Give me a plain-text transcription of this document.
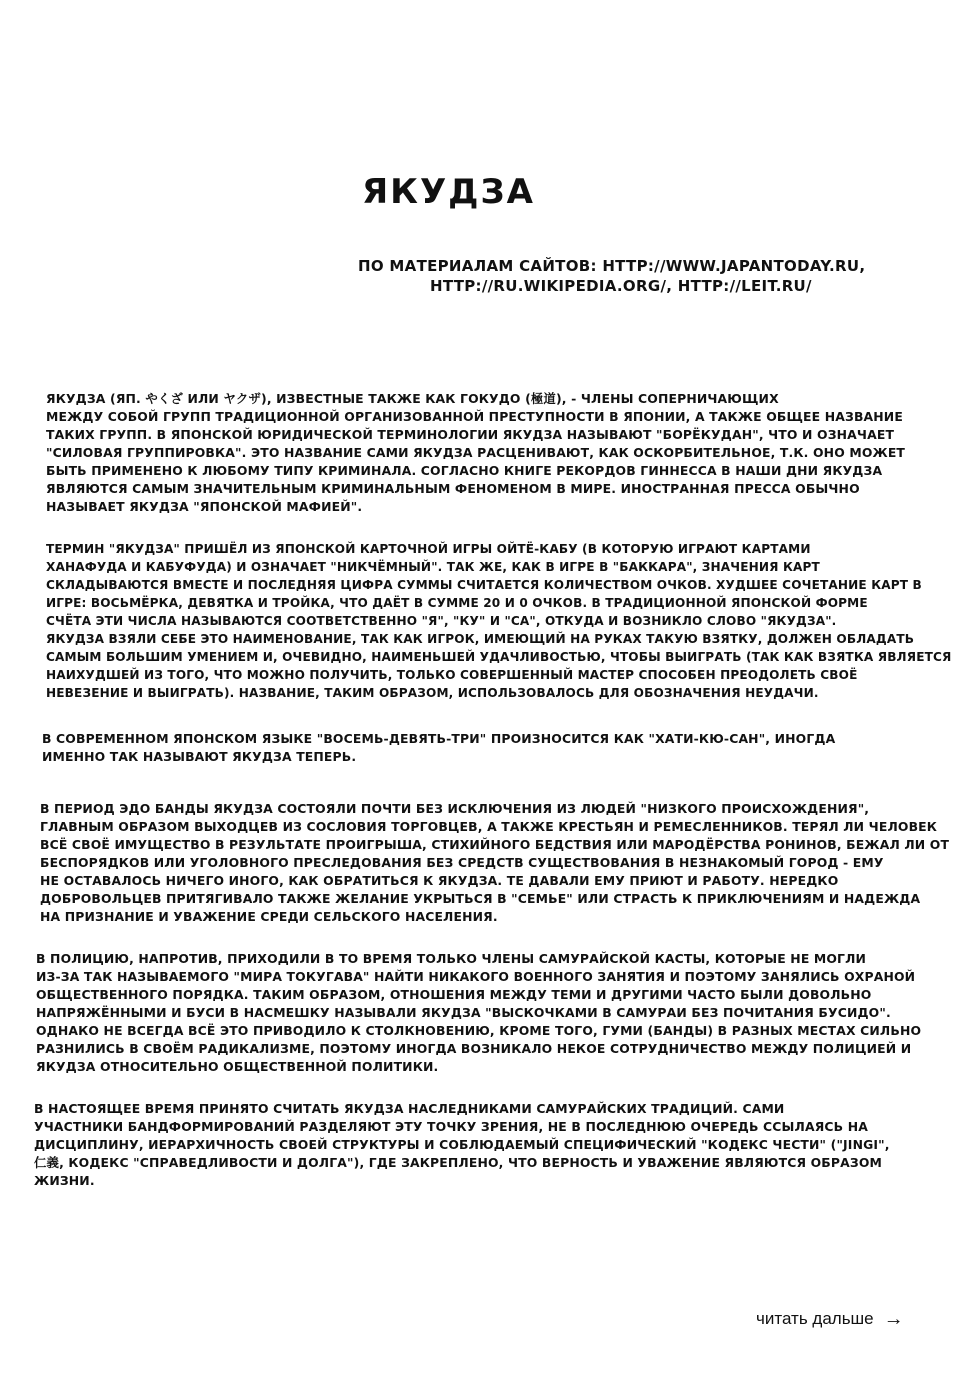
ЯКУДЗА
ПО МАТЕРИАЛАМ САЙТОВ: HTTP://WWW.JAPANTODAY.RU,
HTTP://RU.WIKIPEDIA.ORG/, HTTP://LEIT.RU/
ЯКУДЗА (ЯП. やくざ ИЛИ ヤクザ), ИЗВЕСТНЫЕ ТАКЖЕ КАК ГОКУДО (極道), - ЧЛЕНЫ СОПЕРНИЧАЮЩИХ
МЕЖДУ СОБОЙ ГРУПП ТРАДИЦИОННОЙ ОРГАНИЗОВАННОЙ ПРЕСТУПНОСТИ В ЯПОНИИ, А ТАКЖЕ ОБЩЕЕ НАЗВАНИЕ
ТАКИХ ГРУПП. В ЯПОНСКОЙ ЮРИДИЧЕСКОЙ ТЕРМИНОЛОГИИ ЯКУДЗА НАЗЫВАЮТ "БОРЁКУДАН", ЧТО И ОЗНАЧАЕТ
"СИЛОВАЯ ГРУППИРОВКА". ЭТО НАЗВАНИЕ САМИ ЯКУДЗА РАСЦЕНИВАЮТ, КАК ОСКОРБИТЕЛЬНОЕ, Т.К. ОНО МОЖЕТ
БЫТЬ ПРИМЕНЕНО К ЛЮБОМУ ТИПУ КРИМИНАЛА. СОГЛАСНО КНИГЕ РЕКОРДОВ ГИННЕССА В НАШИ ДНИ ЯКУДЗА
ЯВЛЯЮТСЯ САМЫМ ЗНАЧИТЕЛЬНЫМ КРИМИНАЛЬНЫМ ФЕНОМЕНОМ В МИРЕ. ИНОСТРАННАЯ ПРЕССА ОБЫЧНО
НАЗЫВАЕТ ЯКУДЗА "ЯПОНСКОЙ МАФИЕЙ".
ТЕРМИН "ЯКУДЗА" ПРИШЁЛ ИЗ ЯПОНСКОЙ КАРТОЧНОЙ ИГРЫ ОЙТЁ-КАБУ (В КОТОРУЮ ИГРАЮТ КАРТАМИ
ХАНАФУДА И КАБУФУДА) И ОЗНАЧАЕТ "НИКЧЁМНЫЙ". ТАК ЖЕ, КАК В ИГРЕ В "БАККАРА", ЗНАЧЕНИЯ КАРТ
СКЛАДЫВАЮТСЯ ВМЕСТЕ И ПОСЛЕДНЯЯ ЦИФРА СУММЫ СЧИТАЕТСЯ КОЛИЧЕСТВОМ ОЧКОВ. ХУДШЕЕ СОЧЕТАНИЕ КАРТ В
ИГРЕ: ВОСЬМЁРКА, ДЕВЯТКА И ТРОЙКА, ЧТО ДАЁТ В СУММЕ 20 И 0 ОЧКОВ. В ТРАДИЦИОННОЙ ЯПОНСКОЙ ФОРМЕ
СЧЁТА ЭТИ ЧИСЛА НАЗЫВАЮТСЯ СООТВЕТСТВЕННО "Я", "КУ" И "СА", ОТКУДА И ВОЗНИКЛО СЛОВО "ЯКУДЗА".
ЯКУДЗА ВЗЯЛИ СЕБЕ ЭТО НАИМЕНОВАНИЕ, ТАК КАК ИГРОК, ИМЕЮЩИЙ НА РУКАХ ТАКУЮ ВЗЯТКУ, ДОЛЖЕН ОБЛАДАТЬ
САМЫМ БОЛЬШИМ УМЕНИЕМ И, ОЧЕВИДНО, НАИМЕНЬШЕЙ УДАЧЛИВОСТЬЮ, ЧТОБЫ ВЫИГРАТЬ (ТАК КАК ВЗЯТКА ЯВЛЯЕТСЯ
НАИХУДШЕЙ ИЗ ТОГО, ЧТО МОЖНО ПОЛУЧИТЬ, ТОЛЬКО СОВЕРШЕННЫЙ МАСТЕР СПОСОБЕН ПРЕОДОЛЕТЬ СВОЁ
НЕВЕЗЕНИЕ И ВЫИГРАТЬ). НАЗВАНИЕ, ТАКИМ ОБРАЗОМ, ИСПОЛЬЗОВАЛОСЬ ДЛЯ ОБОЗНАЧЕНИЯ НЕУДАЧИ.
В СОВРЕМЕННОМ ЯПОНСКОМ ЯЗЫКЕ "ВОСЕМЬ-ДЕВЯТЬ-ТРИ" ПРОИЗНОСИТСЯ КАК "ХАТИ-КЮ-САН", ИНОГДА
ИМЕННО ТАК НАЗЫВАЮТ ЯКУДЗА ТЕПЕРЬ.
В ПЕРИОД ЭДО БАНДЫ ЯКУДЗА СОСТОЯЛИ ПОЧТИ БЕЗ ИСКЛЮЧЕНИЯ ИЗ ЛЮДЕЙ "НИЗКОГО ПРОИСХОЖДЕНИЯ",
ГЛАВНЫМ ОБРАЗОМ ВЫХОДЦЕВ ИЗ СОСЛОВИЯ ТОРГОВЦЕВ, А ТАКЖЕ КРЕСТЬЯН И РЕМЕСЛЕННИКОВ. ТЕРЯЛ ЛИ ЧЕЛОВЕК
ВСЁ СВОЁ ИМУЩЕСТВО В РЕЗУЛЬТАТЕ ПРОИГРЫША, СТИХИЙНОГО БЕДСТВИЯ ИЛИ МАРОДЁРСТВА РОНИНОВ, БЕЖАЛ ЛИ ОТ
БЕСПОРЯДКОВ ИЛИ УГОЛОВНОГО ПРЕСЛЕДОВАНИЯ БЕЗ СРЕДСТВ СУЩЕСТВОВАНИЯ В НЕЗНАКОМЫЙ ГОРОД - ЕМУ
НЕ ОСТАВАЛОСЬ НИЧЕГО ИНОГО, КАК ОБРАТИТЬСЯ К ЯКУДЗА. ТЕ ДАВАЛИ ЕМУ ПРИЮТ И РАБОТУ. НЕРЕДКО
ДОБРОВОЛЬЦЕВ ПРИТЯГИВАЛО ТАКЖЕ ЖЕЛАНИЕ УКРЫТЬСЯ В "СЕМЬЕ" ИЛИ СТРАСТЬ К ПРИКЛЮЧЕНИЯМ И НАДЕЖДА
НА ПРИЗНАНИЕ И УВАЖЕНИЕ СРЕДИ СЕЛЬСКОГО НАСЕЛЕНИЯ.
В ПОЛИЦИЮ, НАПРОТИВ, ПРИХОДИЛИ В ТО ВРЕМЯ ТОЛЬКО ЧЛЕНЫ САМУРАЙСКОЙ КАСТЫ, КОТОРЫЕ НЕ МОГЛИ
ИЗ-ЗА ТАК НАЗЫВАЕМОГО "МИРА ТОКУГАВА" НАЙТИ НИКАКОГО ВОЕННОГО ЗАНЯТИЯ И ПОЭТОМУ ЗАНЯЛИСЬ ОХРАНОЙ
ОБЩЕСТВЕННОГО ПОРЯДКА. ТАКИМ ОБРАЗОМ, ОТНОШЕНИЯ МЕЖДУ ТЕМИ И ДРУГИМИ ЧАСТО БЫЛИ ДОВОЛЬНО
НАПРЯЖЁННЫМИ И БУСИ В НАСМЕШКУ НАЗЫВАЛИ ЯКУДЗА "ВЫСКОЧКАМИ В САМУРАИ БЕЗ ПОЧИТАНИЯ БУСИДО".
ОДНАКО НЕ ВСЕГДА ВСЁ ЭТО ПРИВОДИЛО К СТОЛКНОВЕНИЮ, КРОМЕ ТОГО, ГУМИ (БАНДЫ) В РАЗНЫХ МЕСТАХ СИЛЬНО
РАЗНИЛИСЬ В СВОЁМ РАДИКАЛИЗМЕ, ПОЭТОМУ ИНОГДА ВОЗНИКАЛО НЕКОЕ СОТРУДНИЧЕСТВО МЕЖДУ ПОЛИЦИЕЙ И
ЯКУДЗА ОТНОСИТЕЛЬНО ОБЩЕСТВЕННОЙ ПОЛИТИКИ.
В НАСТОЯЩЕЕ ВРЕМЯ ПРИНЯТО СЧИТАТЬ ЯКУДЗА НАСЛЕДНИКАМИ САМУРАЙСКИХ ТРАДИЦИЙ. САМИ
УЧАСТНИКИ БАНДФОРМИРОВАНИЙ РАЗДЕЛЯЮТ ЭТУ ТОЧКУ ЗРЕНИЯ, НЕ В ПОСЛЕДНЮЮ ОЧЕРЕДЬ ССЫЛАЯСЬ НА
ДИСЦИПЛИНУ, ИЕРАРХИЧНОСТЬ СВОЕЙ СТРУКТУРЫ И СОБЛЮДАЕМЫЙ СПЕЦИФИЧЕСКИЙ "КОДЕКС ЧЕСТИ" ("JINGI",
仁義, КОДЕКС "СПРАВЕДЛИВОСТИ И ДОЛГА"), ГДЕ ЗАКРЕПЛЕНО, ЧТО ВЕРНОСТЬ И УВАЖЕНИЕ ЯВЛЯЮТСЯ ОБРАЗОМ
ЖИЗНИ.
читать дальше →
